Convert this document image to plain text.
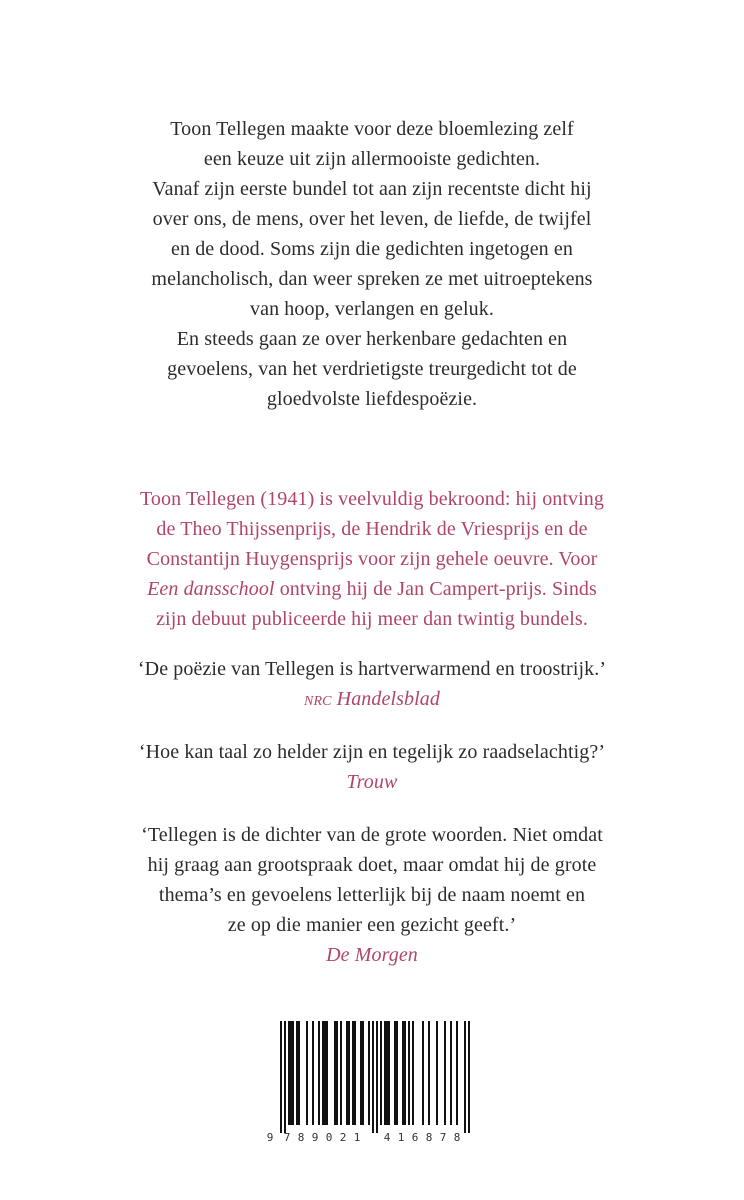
Toon Tellegen maakte voor deze bloemlezing zelf
een keuze uit zijn allermooiste gedichten.
Vanaf zijn eerste bundel tot aan zijn recentste dicht hij
over ons, de mens, over het leven, de liefde, de twijfel
en de dood. Soms zijn die gedichten ingetogen en
melancholisch, dan weer spreken ze met uitroeptekens
van hoop, verlangen en geluk.
En steeds gaan ze over herkenbare gedachten en
gevoelens, van het verdrietigste treurgedicht tot de
gloedvolste liefdespoëzie.
Toon Tellegen (1941) is veelvuldig bekroond: hij ontving
de Theo Thijssenprijs, de Hendrik de Vriesprijs en de
Constantijn Huygensprijs voor zijn gehele oeuvre. Voor
Een dansschool ontving hij de Jan Campert-prijs. Sinds
zijn debuut publiceerde hij meer dan twintig bundels.
‘De poëzie van Tellegen is hartverwarmend en troostrijk.’
nrc Handelsblad
‘Hoe kan taal zo helder zijn en tegelijk zo raadselachtig?’
Trouw
‘Tellegen is de dichter van de grote woorden. Niet omdat
hij graag aan grootspraak doet, maar omdat hij de grote
thema’s en gevoelens letterlijk bij de naam noemt en
ze op die manier een gezicht geeft.’
De Morgen
9 7 8 9 0 2 1 4 1 6 8 7 8
